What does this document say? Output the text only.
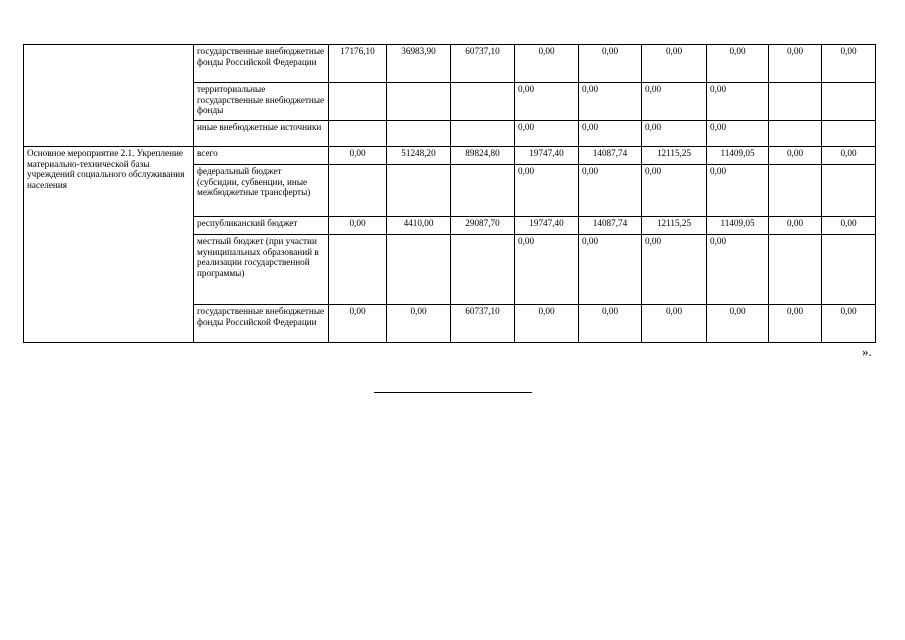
	государственные внебюджетные фонды Российской Федерации	17176,10	36983,90	60737,10	0,00	0,00	0,00	0,00	0,00	0,00
	территориальные государственные внебюджетные фонды				0,00	0,00	0,00	0,00		
	иные внебюджетные источники				0,00	0,00	0,00	0,00		
Основное мероприятие 2.1. Укрепление материально-технической базы учреждений социального обслуживания населения	всего	0,00	51248,20	89824,80	19747,40	14087,74	12115,25	11409,05	0,00	0,00
	федеральный бюджет (субсидии, субвенции, иные межбюджетные трансферты)				0,00	0,00	0,00	0,00		
	республиканский бюджет	0,00	4410,00	29087,70	19747,40	14087,74	12115,25	11409,05	0,00	0,00
	местный бюджет (при участии муниципальных образований в реализации государственной программы)				0,00	0,00	0,00	0,00		
	государственные внебюджетные фонды Российской Федерации	0,00	0,00	60737,10	0,00	0,00	0,00	0,00	0,00	0,00
».
